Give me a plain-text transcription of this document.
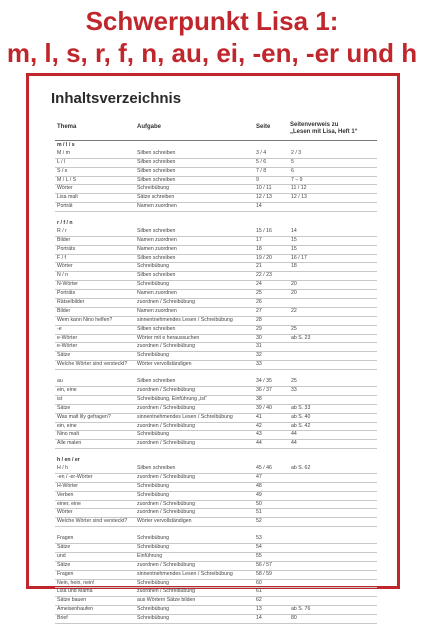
Schwerpunkt Lisa 1:
m, l, s, r, f, n, au, ei, -en, -er und h
Inhaltsverzeichnis
Thema	Aufgabe	Seite	Seitenverweis zu
„Lesen mit Lisa, Heft 1“
m / l / s
M / m	Silben schreiben	3 / 4	2 / 3
L / l	Silben schreiben	5 / 6	5
S / s	Silben schreiben	7 / 8	6
M / L / S	Silben schreiben	9	7 – 9
Wörter	Schreibübung	10 / 11	11 / 12
Lisa malt	Sätze schreiben	12 / 13	12 / 13
Porträt	Namen zuordnen	14
r / f / n
R / r	Silben schreiben	15 / 16	14
Bilder	Namen zuordnen	17	15
Porträts	Namen zuordnen	18	15
F / f	Silben schreiben	19 / 20	16 / 17
Wörter	Schreibübung	21	18
N / n	Silben schreiben	22 / 23
N-Wörter	Schreibübung	24	20
Porträts	Namen zuordnen	25	20
Rätselbilder	zuordnen / Schreibübung	26
Bilder	Namen zuordnen	27	22
Wem kann Nino helfen?	sinnentnehmendes Lesen / Schreibübung	28
-e	Silben schreiben	29	25
e-Wörter	Wörter mit e heraussuchen	30	ab S. 23
e-Wörter	zuordnen / Schreibübung	31
Sätze	Schreibübung	32
Welche Wörter sind versteckt?	Wörter vervollständigen	33
au	Silben schreiben	34 / 35	25
ein, eine	zuordnen / Schreibübung	36 / 37	33
ist	Schreibübung, Einführung „ist“	38
Sätze	zuordnen / Schreibübung	39 / 40	ab S. 33
Was malt lily gefragen?	sinnentnehmendes Lesen / Schreibübung	41	ab S. 40
ein, eine	zuordnen / Schreibübung	42	ab S. 42
Nino malt	Schreibübung	43	44
Alle malen	zuordnen / Schreibübung	44	44
h / en / er
H / h	Silben schreiben	45 / 46	ab S. 62
-en / -er-Wörter	zuordnen / Schreibübung	47
H-Wörter	Schreibübung	48
Verben	Schreibübung	49
einer, eine	zuordnen / Schreibübung	50
Wörter	zuordnen / Schreibübung	51
Welche Wörter sind versteckt?	Wörter vervollständigen	52
Fragen	Schreibübung	53
Sätze	Schreibübung	54
und	Einführung	55
Sätze	zuordnen / Schreibübung	56 / 57
Fragen	sinnentnehmendes Lesen / Schreibübung	58 / 59
Nein, hein, nein!	Schreibübung	60
Lisa und Mama	zuordnen / Schreibübung	61
Sätze bauen	aus Wörtern Sätze bilden	62
Ameisenhaufen	Schreibübung	13	ab S. 76
Brief	Schreibübung	14	80
